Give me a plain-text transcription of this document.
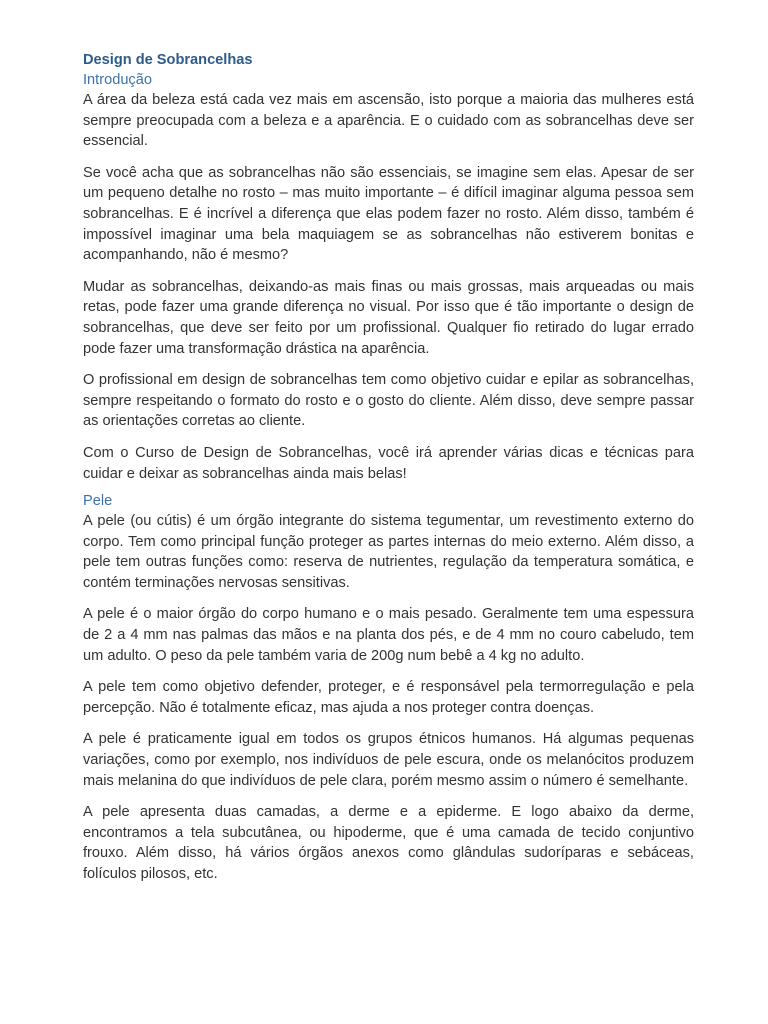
Design de Sobrancelhas
Introdução

A área da beleza está cada vez mais em ascensão, isto porque a maioria das mulheres está sempre preocupada com a beleza e a aparência. E o cuidado com as sobrancelhas deve ser essencial.

Se você acha que as sobrancelhas não são essenciais, se imagine sem elas. Apesar de ser um pequeno detalhe no rosto – mas muito importante – é difícil imaginar alguma pessoa sem sobrancelhas. E é incrível a diferença que elas podem fazer no rosto. Além disso, também é impossível imaginar uma bela maquiagem se as sobrancelhas não estiverem bonitas e acompanhando, não é mesmo?

Mudar as sobrancelhas, deixando-as mais finas ou mais grossas, mais arqueadas ou mais retas, pode fazer uma grande diferença no visual. Por isso que é tão importante o design de sobrancelhas, que deve ser feito por um profissional. Qualquer fio retirado do lugar errado pode fazer uma transformação drástica na aparência.

O profissional em design de sobrancelhas tem como objetivo cuidar e epilar as sobrancelhas, sempre respeitando o formato do rosto e o gosto do cliente. Além disso, deve sempre passar as orientações corretas ao cliente.

Com o Curso de Design de Sobrancelhas, você irá aprender várias dicas e técnicas para cuidar e deixar as sobrancelhas ainda mais belas!

Pele

A pele (ou cútis) é um órgão integrante do sistema tegumentar, um revestimento externo do corpo. Tem como principal função proteger as partes internas do meio externo. Além disso, a pele tem outras funções como: reserva de nutrientes, regulação da temperatura somática, e contém terminações nervosas sensitivas.

A pele é o maior órgão do corpo humano e o mais pesado. Geralmente tem uma espessura de 2 a 4 mm nas palmas das mãos e na planta dos pés, e de 4 mm no couro cabeludo, tem um adulto. O peso da pele também varia de 200g num bebê a 4 kg no adulto.

A pele tem como objetivo defender, proteger, e é responsável pela termorregulação e pela percepção. Não é totalmente eficaz, mas ajuda a nos proteger contra doenças.

A pele é praticamente igual em todos os grupos étnicos humanos. Há algumas pequenas variações, como por exemplo, nos indivíduos de pele escura, onde os melanócitos produzem mais melanina do que indivíduos de pele clara, porém mesmo assim o número é semelhante.

A pele apresenta duas camadas, a derme e a epiderme. E logo abaixo da derme, encontramos a tela subcutânea, ou hipoderme, que é uma camada de tecido conjuntivo frouxo. Além disso, há vários órgãos anexos como glândulas sudoríparas e sebáceas, folículos pilosos, etc.
